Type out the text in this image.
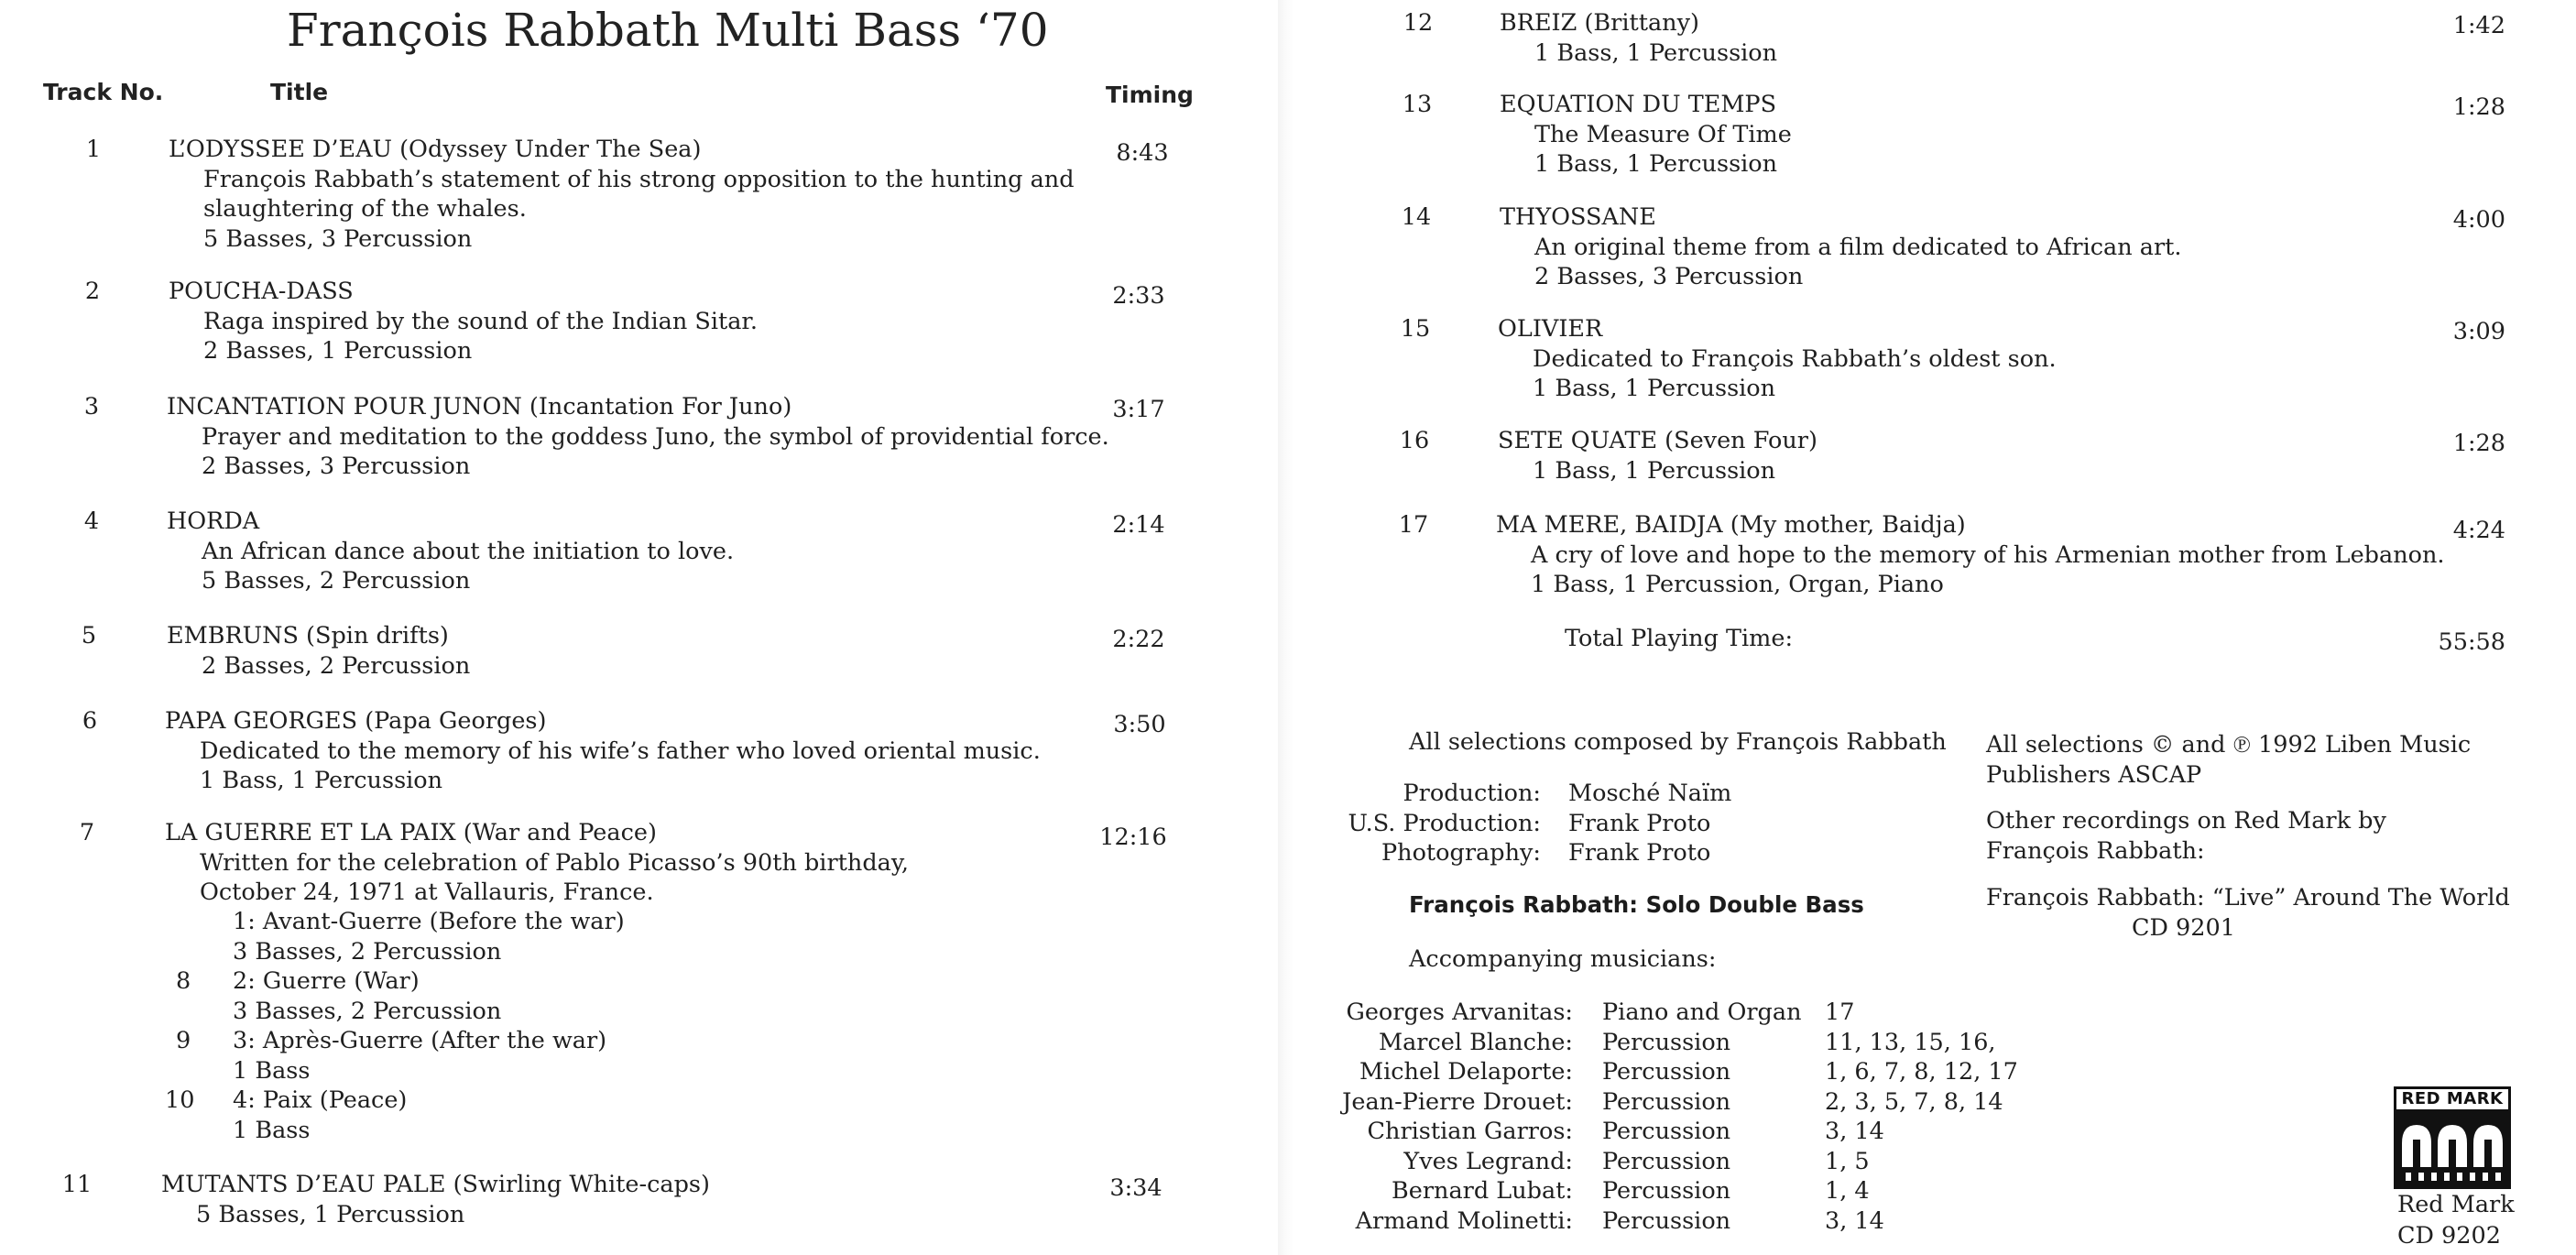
François Rabbath Multi Bass ‘70
Track No.	Title	Timing
1	L’ODYSSEE D’EAU (Odyssey Under The Sea)
François Rabbath’s statement of his strong opposition to the hunting and
slaughtering of the whales.
5 Basses, 3 Percussion
8:43
2	POUCHA-DASS
Raga inspired by the sound of the Indian Sitar.
2 Basses, 1 Percussion
2:33
3	INCANTATION POUR JUNON (Incantation For Juno)
Prayer and meditation to the goddess Juno, the symbol of providential force.
2 Basses, 3 Percussion
3:17
4	HORDA
An African dance about the initiation to love.
5 Basses, 2 Percussion
2:14
5	EMBRUNS (Spin drifts)
2 Basses, 2 Percussion
2:22
6	PAPA GEORGES (Papa Georges)
Dedicated to the memory of his wife’s father who loved oriental music.
1 Bass, 1 Percussion
3:50
7	LA GUERRE ET LA PAIX (War and Peace)
Written for the celebration of Pablo Picasso’s 90th birthday,
October 24, 1971 at Vallauris, France.
12:16
1: Avant-Guerre (Before the war)
3 Basses, 2 Percussion
8	2: Guerre (War)
3 Basses, 2 Percussion
9	3: Après-Guerre (After the war)
1 Bass
10	4: Paix (Peace)
1 Bass
11	MUTANTS D’EAU PALE (Swirling White-caps)
5 Basses, 1 Percussion
3:34
12	BREIZ (Brittany)
1 Bass, 1 Percussion
1:42
13	EQUATION DU TEMPS
The Measure Of Time
1 Bass, 1 Percussion
1:28
14	THYOSSANE
An original theme from a film dedicated to African art.
2 Basses, 3 Percussion
4:00
15	OLIVIER
Dedicated to François Rabbath’s oldest son.
1 Bass, 1 Percussion
3:09
16	SETE QUATE (Seven Four)
1 Bass, 1 Percussion
1:28
17	MA MERE, BAIDJA (My mother, Baidja)
A cry of love and hope to the memory of his Armenian mother from Lebanon.
1 Bass, 1 Percussion, Organ, Piano
4:24
Total Playing Time:	55:58
All selections composed by François Rabbath
Production:	Mosché Naïm
U.S. Production:	Frank Proto
Photography:	Frank Proto
François Rabbath: Solo Double Bass
Accompanying musicians:
Georges Arvanitas:	Piano and Organ	17
Marcel Blanche:	Percussion	11, 13, 15, 16,
Michel Delaporte:	Percussion	1, 6, 7, 8, 12, 17
Jean-Pierre Drouet:	Percussion	2, 3, 5, 7, 8, 14
Christian Garros:	Percussion	3, 14
Yves Legrand:	Percussion	1, 5
Bernard Lubat:	Percussion	1, 4
Armand Molinetti:	Percussion	3, 14
All selections © and ℗ 1992 Liben Music
Publishers ASCAP
Other recordings on Red Mark by
François Rabbath:
François Rabbath: “Live” Around The World
CD 9201
RED MARK
Red Mark
CD 9202
